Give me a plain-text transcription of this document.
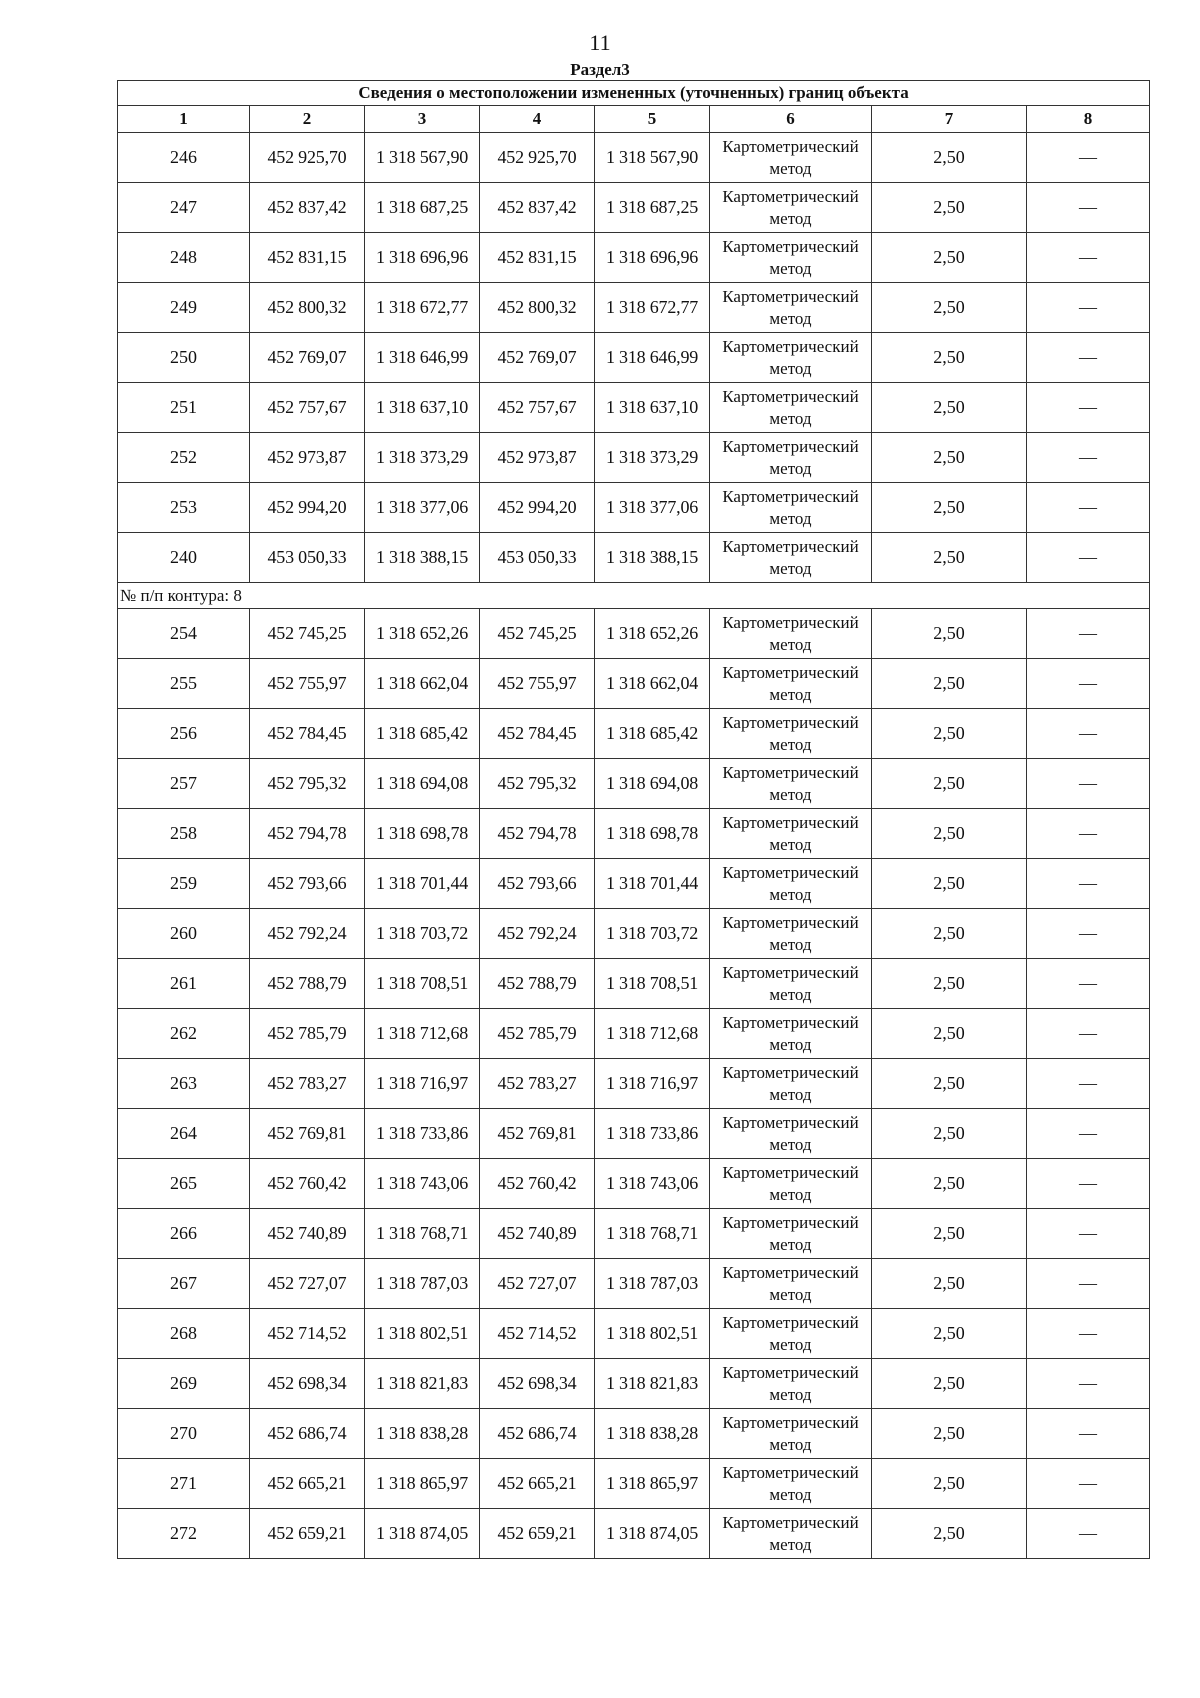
11
Раздел3
Сведения о местоположении измененных (уточненных) границ объекта							
1	2	3	4	5	6	7	8
246	452 925,70	1 318 567,90	452 925,70	1 318 567,90	Картометрический метод	2,50	—
247	452 837,42	1 318 687,25	452 837,42	1 318 687,25	Картометрический метод	2,50	—
248	452 831,15	1 318 696,96	452 831,15	1 318 696,96	Картометрический метод	2,50	—
249	452 800,32	1 318 672,77	452 800,32	1 318 672,77	Картометрический метод	2,50	—
250	452 769,07	1 318 646,99	452 769,07	1 318 646,99	Картометрический метод	2,50	—
251	452 757,67	1 318 637,10	452 757,67	1 318 637,10	Картометрический метод	2,50	—
252	452 973,87	1 318 373,29	452 973,87	1 318 373,29	Картометрический метод	2,50	—
253	452 994,20	1 318 377,06	452 994,20	1 318 377,06	Картометрический метод	2,50	—
240	453 050,33	1 318 388,15	453 050,33	1 318 388,15	Картометрический метод	2,50	—
№ п/п контура: 8							
254	452 745,25	1 318 652,26	452 745,25	1 318 652,26	Картометрический метод	2,50	—
255	452 755,97	1 318 662,04	452 755,97	1 318 662,04	Картометрический метод	2,50	—
256	452 784,45	1 318 685,42	452 784,45	1 318 685,42	Картометрический метод	2,50	—
257	452 795,32	1 318 694,08	452 795,32	1 318 694,08	Картометрический метод	2,50	—
258	452 794,78	1 318 698,78	452 794,78	1 318 698,78	Картометрический метод	2,50	—
259	452 793,66	1 318 701,44	452 793,66	1 318 701,44	Картометрический метод	2,50	—
260	452 792,24	1 318 703,72	452 792,24	1 318 703,72	Картометрический метод	2,50	—
261	452 788,79	1 318 708,51	452 788,79	1 318 708,51	Картометрический метод	2,50	—
262	452 785,79	1 318 712,68	452 785,79	1 318 712,68	Картометрический метод	2,50	—
263	452 783,27	1 318 716,97	452 783,27	1 318 716,97	Картометрический метод	2,50	—
264	452 769,81	1 318 733,86	452 769,81	1 318 733,86	Картометрический метод	2,50	—
265	452 760,42	1 318 743,06	452 760,42	1 318 743,06	Картометрический метод	2,50	—
266	452 740,89	1 318 768,71	452 740,89	1 318 768,71	Картометрический метод	2,50	—
267	452 727,07	1 318 787,03	452 727,07	1 318 787,03	Картометрический метод	2,50	—
268	452 714,52	1 318 802,51	452 714,52	1 318 802,51	Картометрический метод	2,50	—
269	452 698,34	1 318 821,83	452 698,34	1 318 821,83	Картометрический метод	2,50	—
270	452 686,74	1 318 838,28	452 686,74	1 318 838,28	Картометрический метод	2,50	—
271	452 665,21	1 318 865,97	452 665,21	1 318 865,97	Картометрический метод	2,50	—
272	452 659,21	1 318 874,05	452 659,21	1 318 874,05	Картометрический метод	2,50	—
